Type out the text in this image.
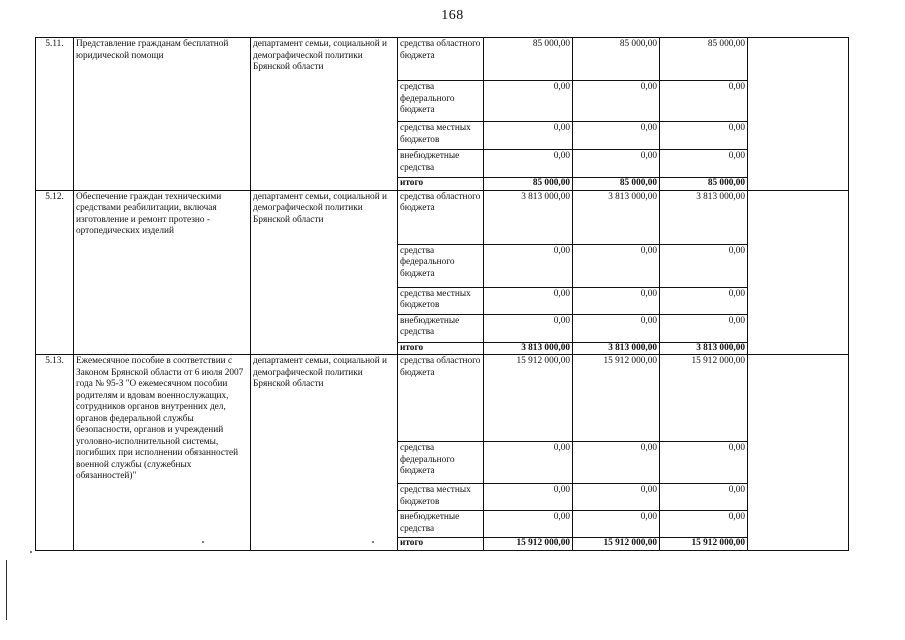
168
5.11.	Представление гражданам бесплатной юридической помощи	департамент семьи, социальной и демографической политики Брянской области	средства областного бюджета	85 000,00	85 000,00	85 000,00	
			средства федерального бюджета	0,00	0,00	0,00	
			средства местных бюджетов	0,00	0,00	0,00	
			внебюджетные средства	0,00	0,00	0,00	
			итого	85 000,00	85 000,00	85 000,00	
5.12.	Обеспечение граждан техническими средствами реабилитации, включая изготовление и ремонт протезно - ортопедических изделий	департамент семьи, социальной и демографической политики Брянской области	средства областного бюджета	3 813 000,00	3 813 000,00	3 813 000,00	
			средства федерального бюджета	0,00	0,00	0,00	
			средства местных бюджетов	0,00	0,00	0,00	
			внебюджетные средства	0,00	0,00	0,00	
			итого	3 813 000,00	3 813 000,00	3 813 000,00	
5.13.	Ежемесячное пособие в соответствии с Законом Брянской области от 6 июля 2007 года № 95-З "О ежемесячном пособии родителям и вдовам военнослужащих, сотрудников органов внутренних дел, органов федеральной службы безопасности, органов и учреждений уголовно-исполнительной системы, погибших при исполнении обязанностей военной службы (служебных обязанностей)"	департамент семьи, социальной и демографической политики Брянской области	средства областного бюджета	15 912 000,00	15 912 000,00	15 912 000,00	
			средства федерального бюджета	0,00	0,00	0,00	
			средства местных бюджетов	0,00	0,00	0,00	
			внебюджетные средства	0,00	0,00	0,00	
			итого	15 912 000,00	15 912 000,00	15 912 000,00	
